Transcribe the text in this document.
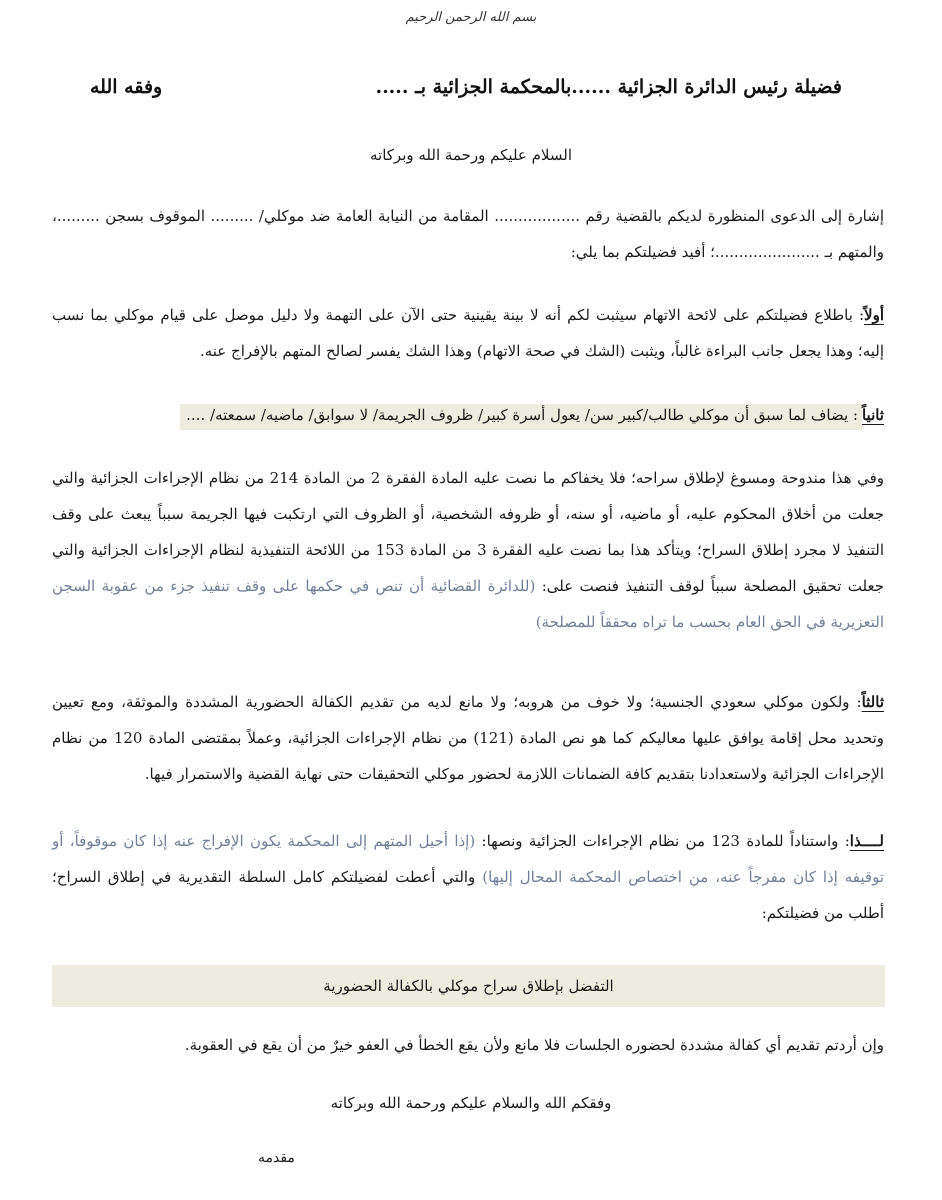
بسم الله الرحمن الرحيم
فضيلة رئيس الدائرة الجزائية ......بالمحكمة الجزائية بـ .....
وفقه الله
السلام عليكم ورحمة الله وبركاته
إشارة إلى الدعوى المنظورة لديكم بالقضية رقم .................. المقامة من النيابة العامة ضد موكلي/ ......... الموقوف بسجن .........، والمتهم بـ ......................؛ أفيد فضيلتكم بما يلي:
أولاً: باطلاع فضيلتكم على لائحة الاتهام سيثبت لكم أنه لا بينة يقينية حتى الآن على التهمة ولا دليل موصل على قيام موكلي بما نسب إليه؛ وهذا يجعل جانب البراءة غالباً، ويثبت (الشك في صحة الاتهام) وهذا الشك يفسر لصالح المتهم بالإفراج عنه.
ثانياً: يضاف لما سبق أن موكلي طالب/كبير سن/ يعول أسرة كبير/ ظروف الجريمة/ لا سوابق/ ماضيه/ سمعته/ ....
وفي هذا مندوحة ومسوغ لإطلاق سراحه؛ فلا يخفاكم ما نصت عليه المادة الفقرة 2 من المادة 214 من نظام الإجراءات الجزائية والتي جعلت من أخلاق المحكوم عليه، أو ماضيه، أو سنه، أو ظروفه الشخصية، أو الظروف التي ارتكبت فيها الجريمة سبباً يبعث على وقف التنفيذ لا مجرد إطلاق السراح؛ ويتأكد هذا بما نصت عليه الفقرة 3 من المادة 153 من اللائحة التنفيذية لنظام الإجراءات الجزائية والتي جعلت تحقيق المصلحة سبباً لوقف التنفيذ فنصت على: (للدائرة القضائية أن تنص في حكمها على وقف تنفيذ جزء من عقوبة السجن التعزيرية في الحق العام بحسب ما تراه محققاً للمصلحة)
ثالثاً: ولكون موكلي سعودي الجنسية؛ ولا خوف من هروبه؛ ولا مانع لديه من تقديم الكفالة الحضورية المشددة والموثقة، ومع تعيين وتحديد محل إقامة يوافق عليها معاليكم كما هو نص المادة (121) من نظام الإجراءات الجزائية، وعملاً بمقتضى المادة 120 من نظام الإجراءات الجزائية ولاستعدادنا بتقديم كافة الضمانات اللازمة لحضور موكلي التحقيقات حتى نهاية القضية والاستمرار فيها.
لــــذا: واستناداً للمادة 123 من نظام الإجراءات الجزائية ونصها: (إذا أحيل المتهم إلى المحكمة يكون الإفراج عنه إذا كان موقوفاً، أو توقيفه إذا كان مفرجاً عنه، من اختصاص المحكمة المحال إليها) والتي أعطت لفضيلتكم كامل السلطة التقديرية في إطلاق السراح؛ أطلب من فضيلتكم:
التفضل بإطلاق سراح موكلي بالكفالة الحضورية
وإن أردتم تقديم أي كفالة مشددة لحضوره الجلسات فلا مانع ولأن يقع الخطأ في العفو خيرٌ من أن يقع في العقوبة.
وفقكم الله والسلام عليكم ورحمة الله وبركاته
مقدمه
